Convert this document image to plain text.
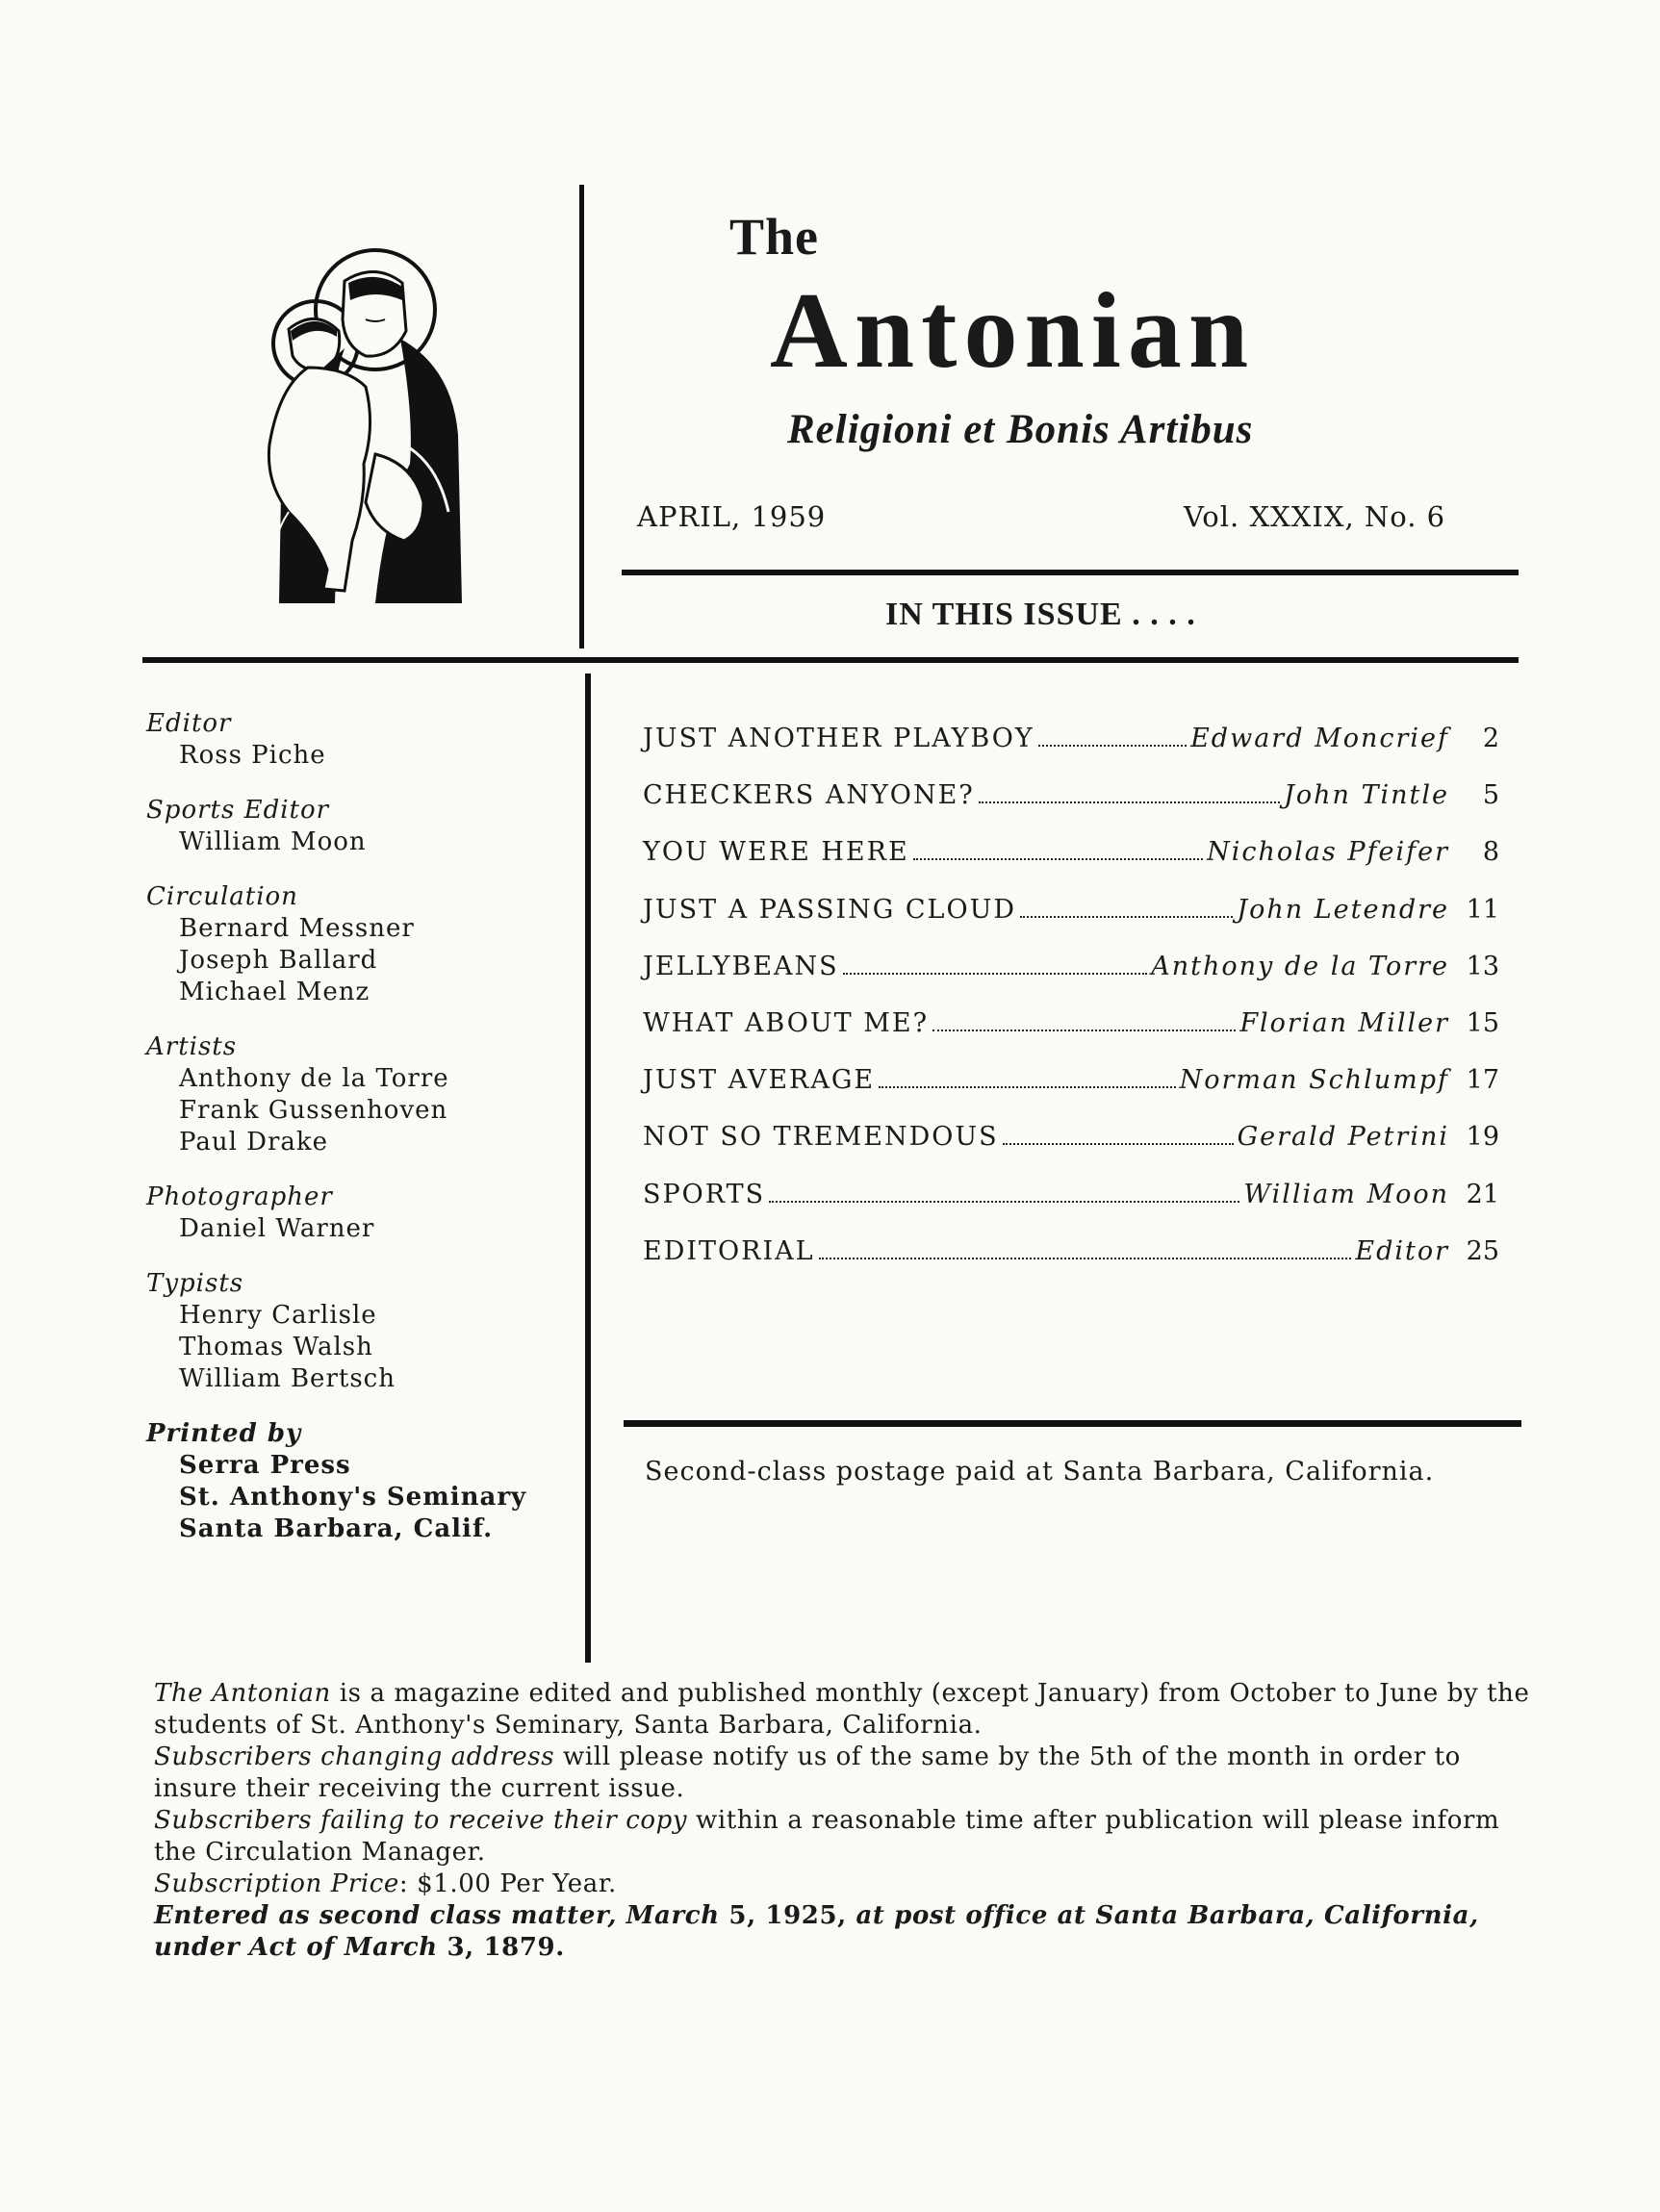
The
Antonian
Religioni et Bonis Artibus
APRIL, 1959	Vol. XXXIX, No. 6
IN THIS ISSUE . . . .
Editor
Ross Piche
Sports Editor
William Moon
Circulation
Bernard Messner
Joseph Ballard
Michael Menz
Artists
Anthony de la Torre
Frank Gussenhoven
Paul Drake
Photographer
Daniel Warner
Typists
Henry Carlisle
Thomas Walsh
William Bertsch
Printed by
Serra Press
St. Anthony's Seminary
Santa Barbara, Calif.
JUST ANOTHER PLAYBOY	Edward Moncrief	2
CHECKERS ANYONE?	John Tintle	5
YOU WERE HERE	Nicholas Pfeifer	8
JUST A PASSING CLOUD	John Letendre 11
JELLYBEANS	Anthony de la Torre 13
WHAT ABOUT ME?	Florian Miller 15
JUST AVERAGE	Norman Schlumpf 17
NOT SO TREMENDOUS	Gerald Petrini 19
SPORTS	William Moon 21
EDITORIAL	Editor 25
Second-class postage paid at Santa Barbara, California.

The Antonian is a magazine edited and published monthly (except January) from October to June by the students of St. Anthony's Seminary, Santa Barbara, California.

Subscribers changing address will please notify us of the same by the 5th of the month in order to insure their receiving the current issue.

Subscribers failing to receive their copy within a reasonable time after publication will please inform the Circulation Manager.

Subscription Price: $1.00 Per Year.

Entered as second class matter, March 5, 1925, at post office at Santa Barbara, California, under Act of March 3, 1879.
